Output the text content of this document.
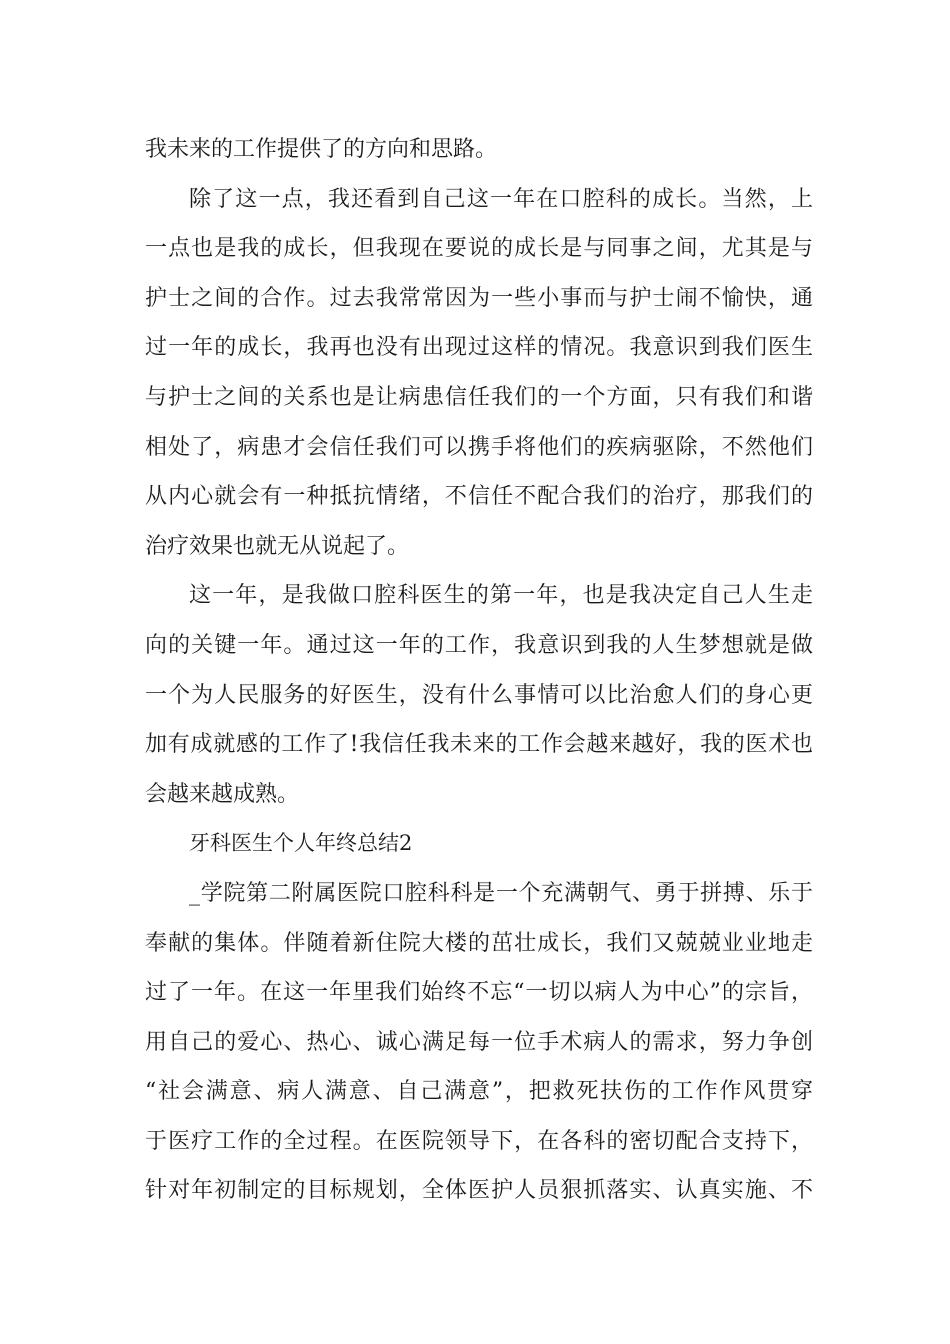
我未来的工作提供了的方向和思路。
除了这一点，我还看到自己这一年在口腔科的成长。当然，上
一点也是我的成长，但我现在要说的成长是与同事之间，尤其是与
护士之间的合作。过去我常常因为一些小事而与护士闹不愉快，通
过一年的成长，我再也没有出现过这样的情况。我意识到我们医生
与护士之间的关系也是让病患信任我们的一个方面，只有我们和谐
相处了，病患才会信任我们可以携手将他们的疾病驱除，不然他们
从内心就会有一种抵抗情绪，不信任不配合我们的治疗，那我们的
治疗效果也就无从说起了。
这一年，是我做口腔科医生的第一年，也是我决定自己人生走
向的关键一年。通过这一年的工作，我意识到我的人生梦想就是做
一个为人民服务的好医生，没有什么事情可以比治愈人们的身心更
加有成就感的工作了!我信任我未来的工作会越来越好，我的医术也
会越来越成熟。
牙科医生个人年终总结2
_学院第二附属医院口腔科科是一个充满朝气、勇于拼搏、乐于
奉献的集体。伴随着新住院大楼的茁壮成长，我们又兢兢业业地走
过了一年。在这一年里我们始终不忘“一切以病人为中心”的宗旨，
用自己的爱心、热心、诚心满足每一位手术病人的需求，努力争创
“社会满意、病人满意、自己满意”，把救死扶伤的工作作风贯穿
于医疗工作的全过程。在医院领导下，在各科的密切配合支持下，
针对年初制定的目标规划，全体医护人员狠抓落实、认真实施、不
